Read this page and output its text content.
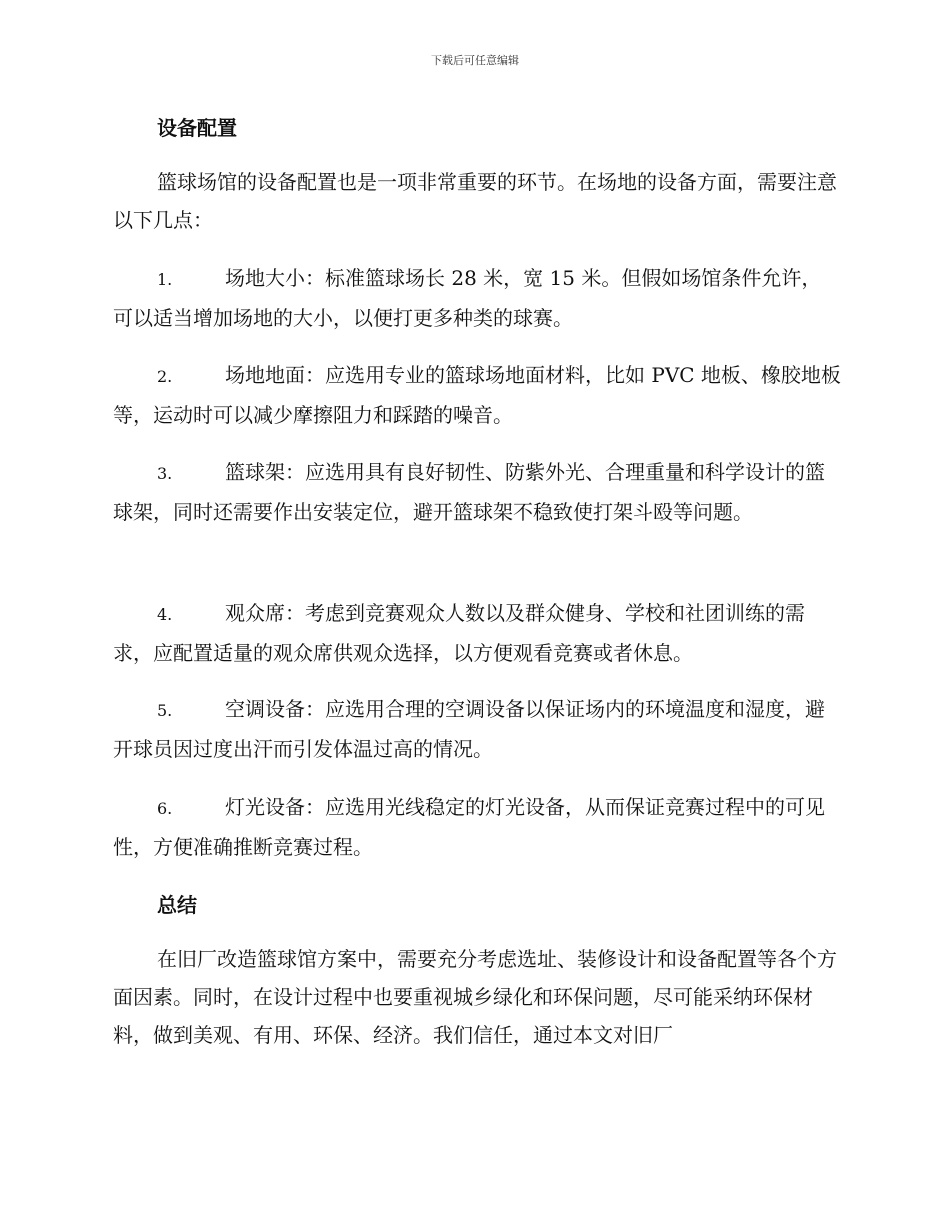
下载后可任意编辑
设备配置

篮球场馆的设备配置也是一项非常重要的环节。在场地的设备方面，需要注意以下几点：

1.	场地大小：标准篮球场长 28 米，宽 15 米。但假如场馆条件允许，可以适当增加场地的大小，以便打更多种类的球赛。

2.	场地地面：应选用专业的篮球场地面材料，比如 PVC 地板、橡胶地板等，运动时可以减少摩擦阻力和踩踏的噪音。

3.	篮球架：应选用具有良好韧性、防紫外光、合理重量和科学设计的篮球架，同时还需要作出安装定位，避开篮球架不稳致使打架斗殴等问题。

4.	观众席：考虑到竞赛观众人数以及群众健身、学校和社团训练的需求，应配置适量的观众席供观众选择，以方便观看竞赛或者休息。

5.	空调设备：应选用合理的空调设备以保证场内的环境温度和湿度，避开球员因过度出汗而引发体温过高的情况。

6.	灯光设备：应选用光线稳定的灯光设备，从而保证竞赛过程中的可见性，方便准确推断竞赛过程。

总结

在旧厂改造篮球馆方案中，需要充分考虑选址、装修设计和设备配置等各个方面因素。同时，在设计过程中也要重视城乡绿化和环保问题，尽可能采纳环保材料，做到美观、有用、环保、经济。我们信任，通过本文对旧厂
